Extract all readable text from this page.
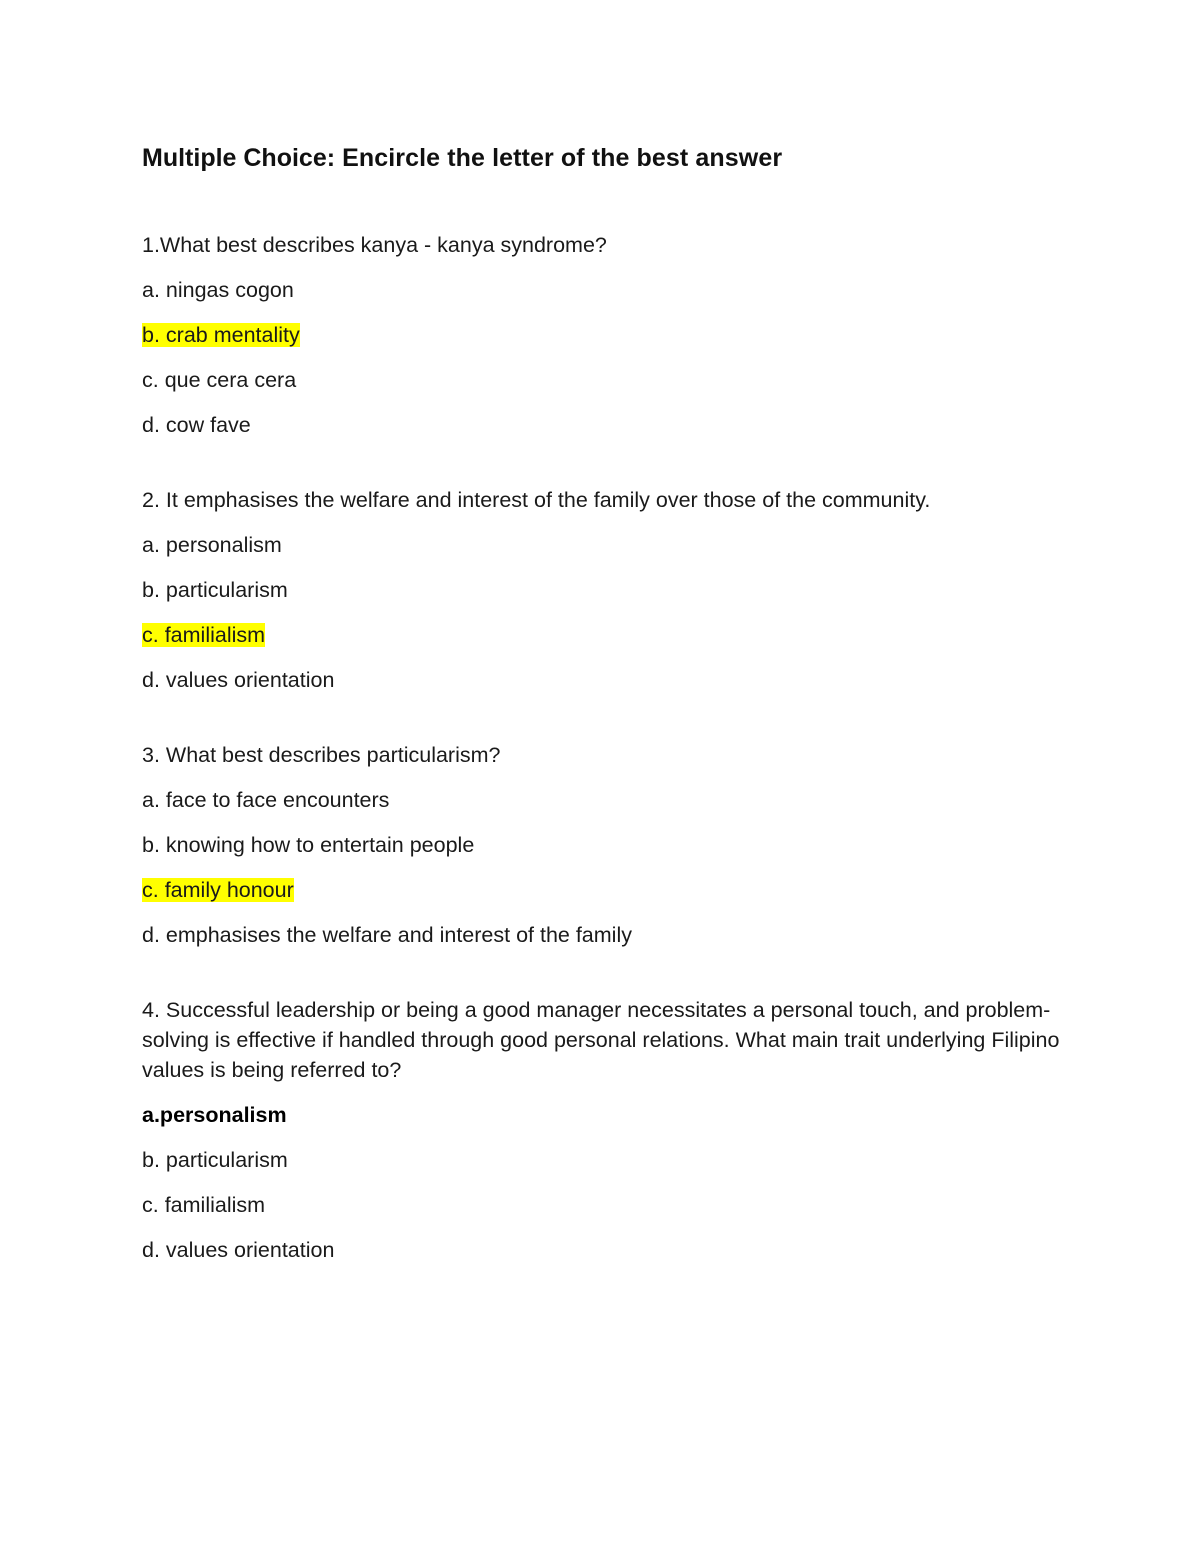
Multiple Choice: Encircle the letter of the best answer
1.What best describes kanya - kanya syndrome?
a. ningas cogon
b. crab mentality
c. que cera cera
d. cow fave
2. It emphasises the welfare and interest of the family over those of the community.
a. personalism
b. particularism
c. familialism
d. values orientation
3. What best describes particularism?
a. face to face encounters
b. knowing how to entertain people
c. family honour
d. emphasises the welfare and interest of the family
4. Successful leadership or being a good manager necessitates a personal touch, and problem-solving is effective if handled through good personal relations. What main trait underlying Filipino values is being referred to?
a.personalism
b. particularism
c. familialism
d. values orientation
